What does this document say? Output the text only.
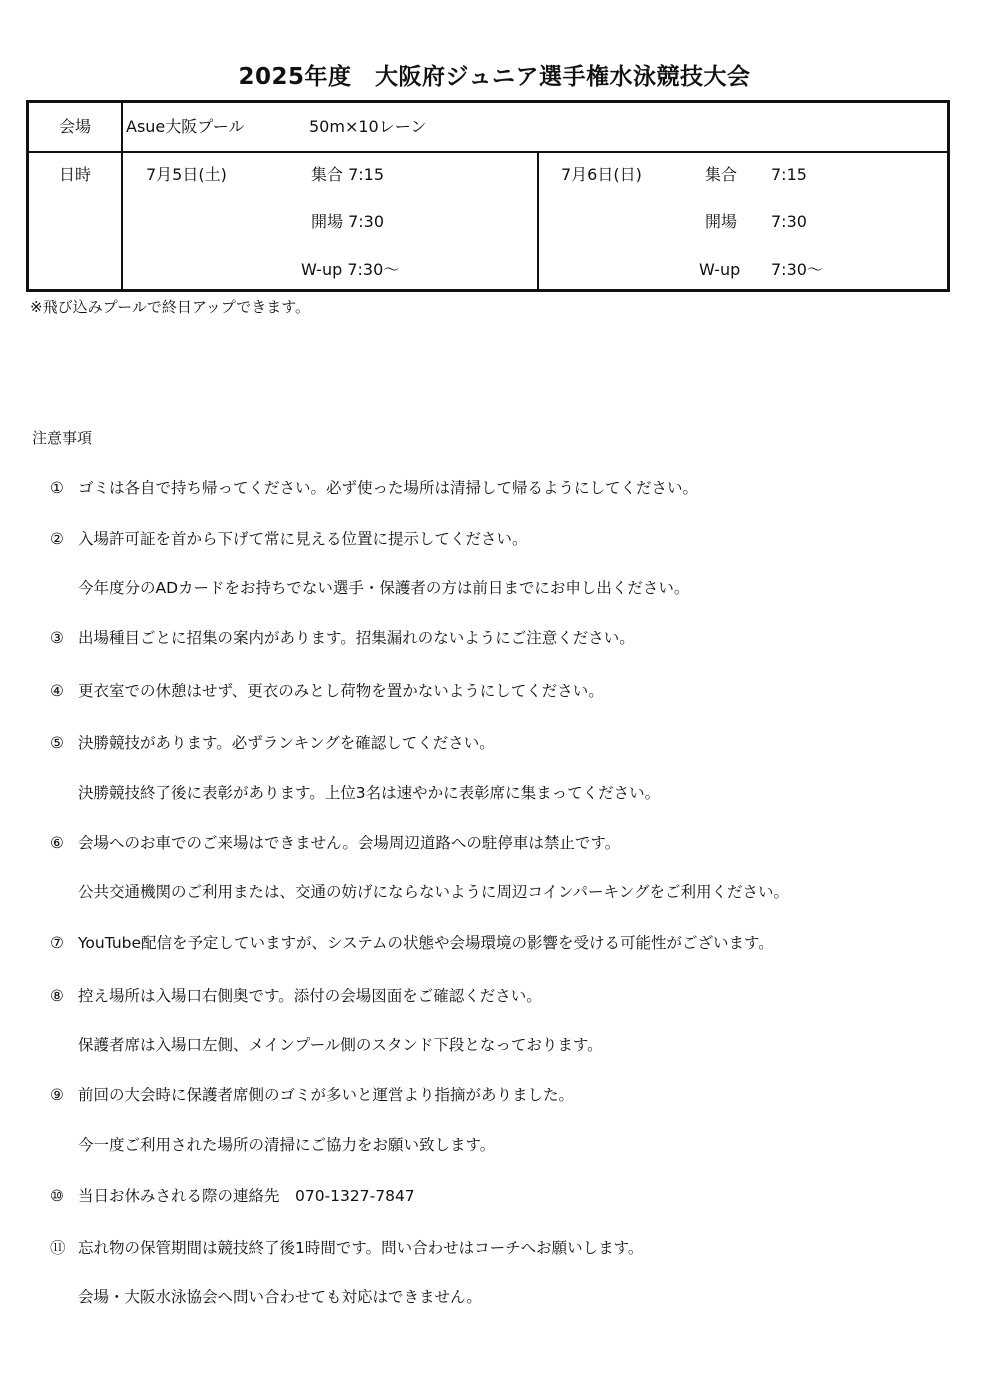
2025年度　大阪府ジュニア選手権水泳競技大会
会場 Asue大阪プール	50m×10レーン
日時	7月5日(土)	集合 7:15
開場 7:30
W-up 7:30～
7月6日(日)	集合 7:15
開場 7:30
W-up 7:30～
※飛び込みプールで終日アップできます。
注意事項
① ゴミは各自で持ち帰ってください。必ず使った場所は清掃して帰るようにしてください。
② 入場許可証を首から下げて常に見える位置に提示してください。
今年度分のADカードをお持ちでない選手・保護者の方は前日までにお申し出ください。
③ 出場種目ごとに招集の案内があります。招集漏れのないようにご注意ください。
④ 更衣室での休憩はせず、更衣のみとし荷物を置かないようにしてください。
⑤ 決勝競技があります。必ずランキングを確認してください。
決勝競技終了後に表彰があります。上位3名は速やかに表彰席に集まってください。
⑥ 会場へのお車でのご来場はできません。会場周辺道路への駐停車は禁止です。
公共交通機関のご利用または、交通の妨げにならないように周辺コインパーキングをご利用ください。
⑦ YouTube配信を予定していますが、システムの状態や会場環境の影響を受ける可能性がございます。
⑧ 控え場所は入場口右側奥です。添付の会場図面をご確認ください。
保護者席は入場口左側、メインプール側のスタンド下段となっております。
⑨ 前回の大会時に保護者席側のゴミが多いと運営より指摘がありました。
今一度ご利用された場所の清掃にご協力をお願い致します。
⑩ 当日お休みされる際の連絡先　070-1327-7847
⑪ 忘れ物の保管期間は競技終了後1時間です。問い合わせはコーチへお願いします。
会場・大阪水泳協会へ問い合わせても対応はできません。
